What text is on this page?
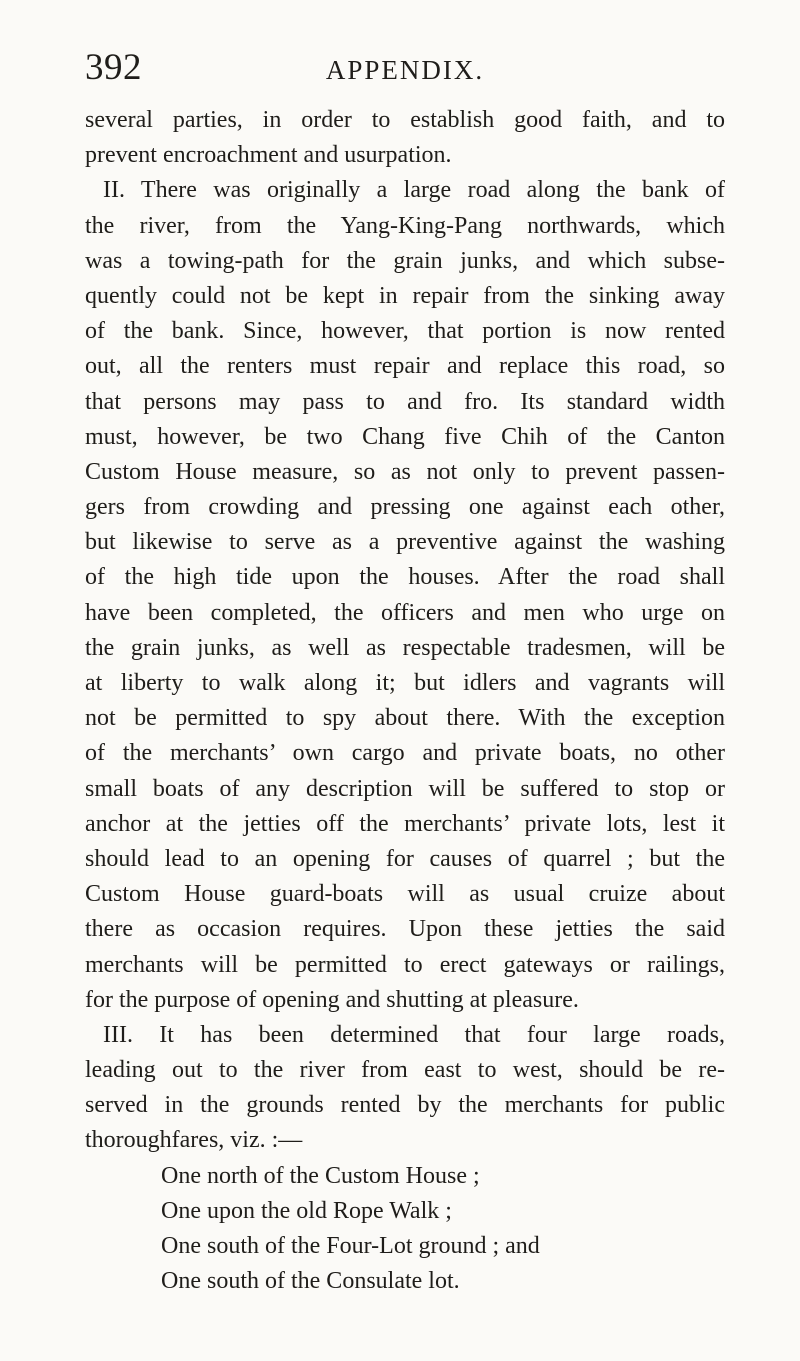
APPENDIX.
392
several parties, in order to establish good faith, and to
prevent encroachment and usurpation.
II. There was originally a large road along the bank of
the river, from the Yang-King-Pang northwards, which
was a towing-path for the grain junks, and which subse-
quently could not be kept in repair from the sinking away
of the bank. Since, however, that portion is now rented
out, all the renters must repair and replace this road, so
that persons may pass to and fro. Its standard width
must, however, be two Chang five Chih of the Canton
Custom House measure, so as not only to prevent passen-
gers from crowding and pressing one against each other,
but likewise to serve as a preventive against the washing
of the high tide upon the houses. After the road shall
have been completed, the officers and men who urge on
the grain junks, as well as respectable tradesmen, will be
at liberty to walk along it; but idlers and vagrants will
not be permitted to spy about there. With the exception
of the merchants’ own cargo and private boats, no other
small boats of any description will be suffered to stop or
anchor at the jetties off the merchants’ private lots, lest it
should lead to an opening for causes of quarrel ; but the
Custom House guard-boats will as usual cruize about
there as occasion requires. Upon these jetties the said
merchants will be permitted to erect gateways or railings,
for the purpose of opening and shutting at pleasure.
III. It has been determined that four large roads,
leading out to the river from east to west, should be re-
served in the grounds rented by the merchants for public
thoroughfares, viz. :—
One north of the Custom House ;
One upon the old Rope Walk ;
One south of the Four-Lot ground ; and
One south of the Consulate lot.
